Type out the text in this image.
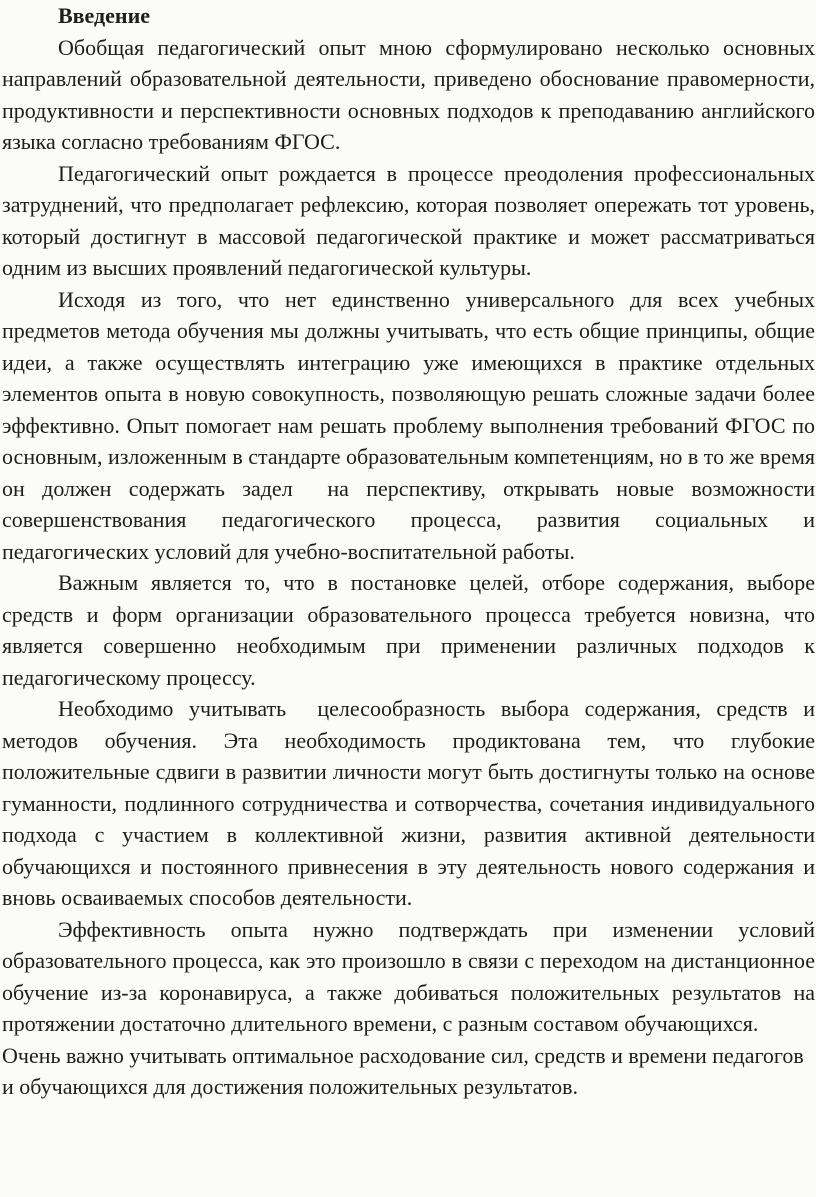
Введение

Обобщая педагогический опыт мною сформулировано несколько основных направлений образовательной деятельности, приведено обоснование правомерности, продуктивности и перспективности основных подходов к преподаванию английского языка согласно требованиям ФГОС.

Педагогический опыт рождается в процессе преодоления профессиональных затруднений, что предполагает рефлексию, которая позволяет опережать тот уровень, который достигнут в массовой педагогической практике и может рассматриваться одним из высших проявлений педагогической культуры.

Исходя из того, что нет единственно универсального для всех учебных предметов метода обучения мы должны учитывать, что есть общие принципы, общие идеи, а также осуществлять интеграцию уже имеющихся в практике отдельных элементов опыта в новую совокупность, позволяющую решать сложные задачи более эффективно. Опыт помогает нам решать проблему выполнения требований ФГОС по основным, изложенным в стандарте образовательным компетенциям, но в то же время он должен содержать задел  на перспективу, открывать новые возможности совершенствования педагогического процесса, развития социальных и педагогических условий для учебно-воспитательной работы.

Важным является то, что в постановке целей, отборе содержания, выборе средств и форм организации образовательного процесса требуется новизна, что является совершенно необходимым при применении различных подходов к педагогическому процессу.

Необходимо учитывать  целесообразность выбора содержания, средств и методов обучения. Эта необходимость продиктована тем, что глубокие положительные сдвиги в развитии личности могут быть достигнуты только на основе гуманности, подлинного сотрудничества и сотворчества, сочетания индивидуального подхода с участием в коллективной жизни, развития активной деятельности обучающихся и постоянного привнесения в эту деятельность нового содержания и вновь осваиваемых способов деятельности.

Эффективность опыта нужно подтверждать при изменении условий образовательного процесса, как это произошло в связи с переходом на дистанционное обучение из-за коронавируса, а также добиваться положительных результатов на протяжении достаточно длительного времени, с разным составом обучающихся.

Очень важно учитывать оптимальное расходование сил, средств и времени педагогов и обучающихся для достижения положительных результатов.
